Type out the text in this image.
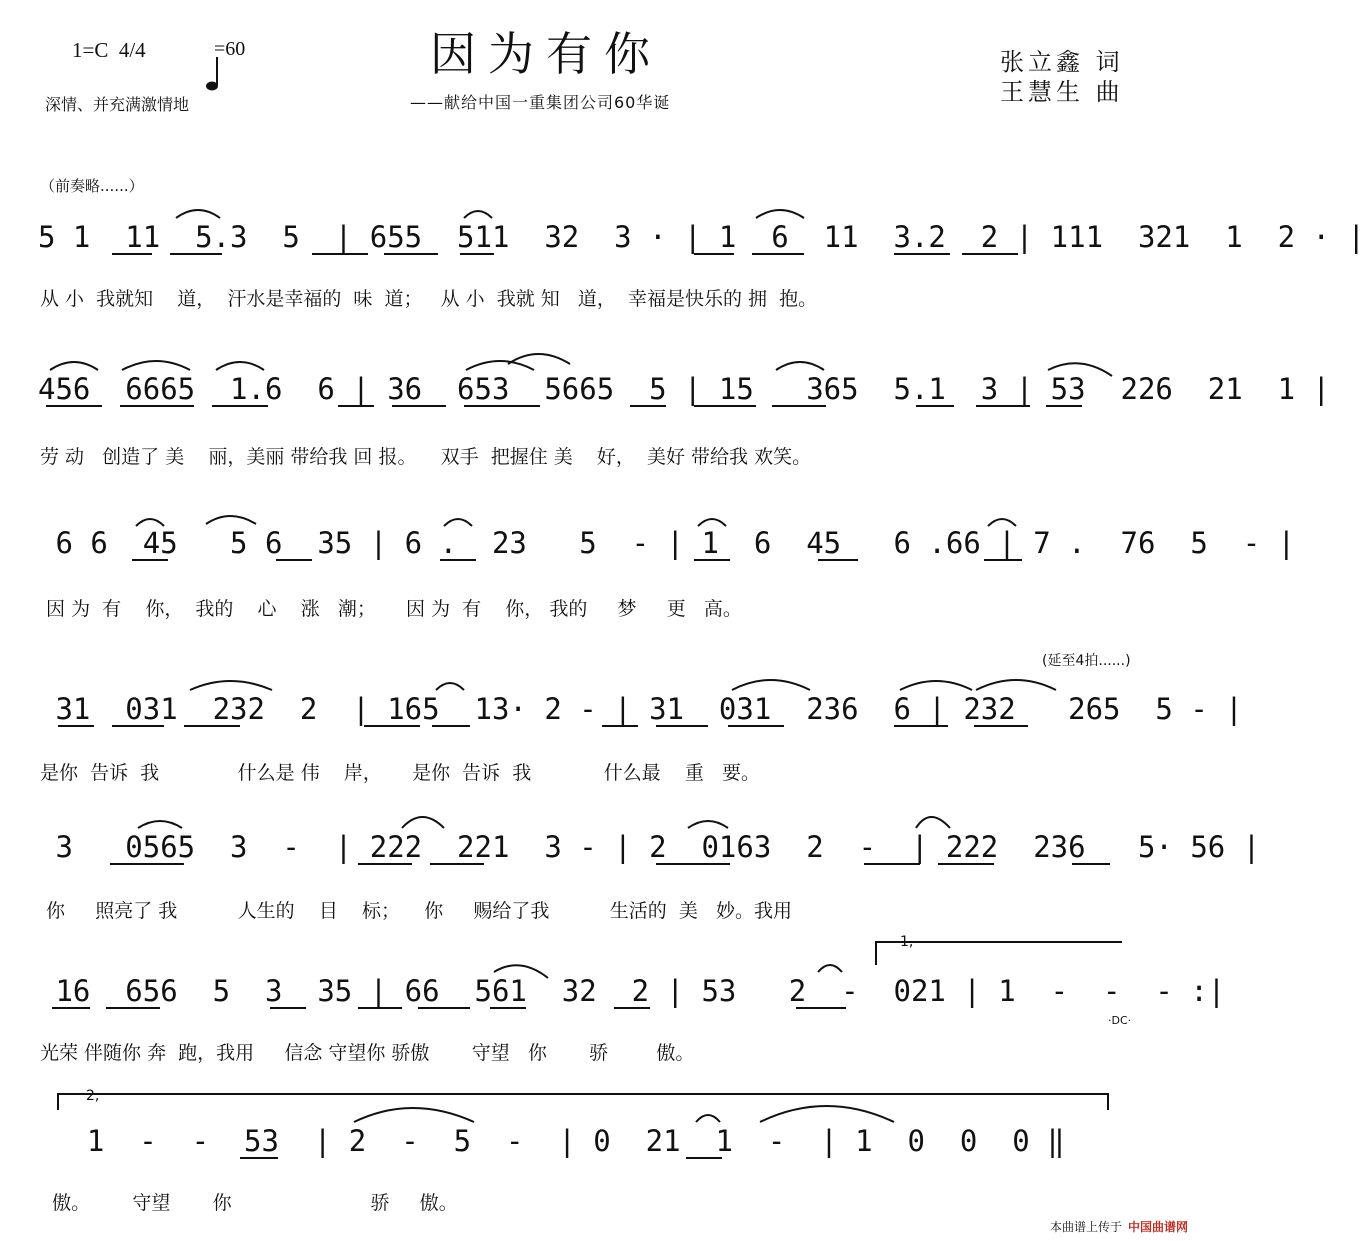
1=C  4/4

	=60
深情、并充满激情地
因为有你
——献给中国一重集团公司60华诞
张立鑫 词
王慧生 曲
（前奏略......）
5 1  11  5.3  5  | 655  511  32  3 · | 1  6  11  3.2  2 | 111  321  1  2 · |
从 小  我就知    道，  汗水是幸福的  味  道；   从 小  我就 知   道，  幸福是快乐的 拥  抱。
456  6665  1.6  6 | 36  653  5665  5 | 15   365  5.1  3 | 53  226  21  1 |
劳 动   创造了 美    丽，美丽 带给我 回 报。    双手  把握住 美    好，  美好 带给我 欢笑。
6 6  45   5 6  35 | 6 .  23   5  - | 1  6  45   6 .66 | 7 .  76  5  - |
因 为  有    你，  我的    心    涨   潮；     因 为  有    你， 我的     梦     更   高。
(延至4拍......)
31  031  232  2  | 165  13· 2 - | 31  031  236  6 | 232   265  5 - |
是你  告诉  我             什么是 伟    岸，     是你  告诉  我            什么最    重   要。
3   0565  3  -  | 222  221  3 - | 2  0163  2  -  | 222  236   5· 56 |
你     照亮了 我          人生的    目    标；    你     赐给了我          生活的  美   妙。我用
16  656  5  3  35 | 66  561  32  2 | 53   2  -  021 | 1  -  -  - :|
光荣 伴随你 奔  跑，我用     信念 守望你 骄傲       守望   你       骄        傲。
1,
·DC·
2,
1  -  -  53  | 2  -  5  -  | 0  21  1  -  | 1  0  0  0 ‖
傲。       守望       你                       骄     傲。
本曲谱上传于 中国曲谱网
